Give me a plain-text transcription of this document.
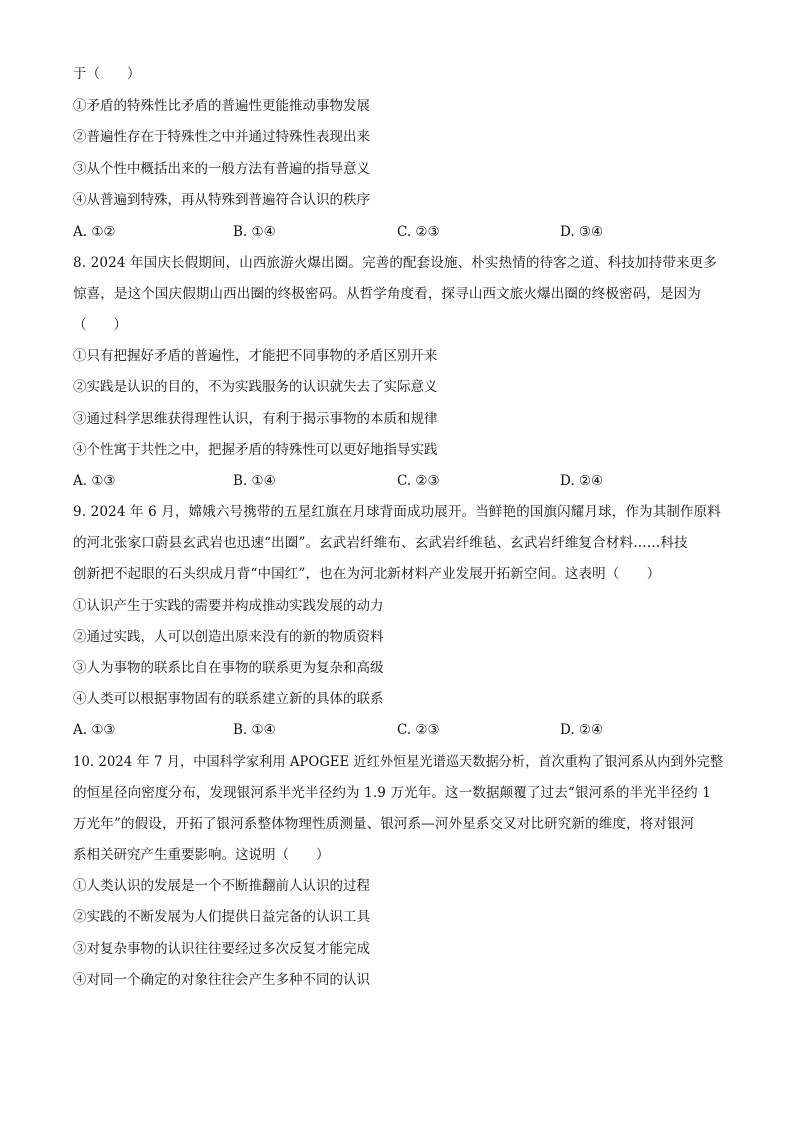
于（　　）
①矛盾的特殊性比矛盾的普遍性更能推动事物发展
②普遍性存在于特殊性之中并通过特殊性表现出来
③从个性中概括出来的一般方法有普遍的指导意义
④从普遍到特殊，再从特殊到普遍符合认识的秩序
A. ①②	B. ①④	C. ②③	D. ③④
8. 2024 年国庆长假期间，山西旅游火爆出圈。完善的配套设施、朴实热情的待客之道、科技加持带来更多
惊喜，是这个国庆假期山西出圈的终极密码。从哲学角度看，探寻山西文旅火爆出圈的终极密码，是因为
（　　）
①只有把握好矛盾的普遍性，才能把不同事物的矛盾区别开来
②实践是认识的目的，不为实践服务的认识就失去了实际意义
③通过科学思维获得理性认识，有利于揭示事物的本质和规律
④个性寓于共性之中，把握矛盾的特殊性可以更好地指导实践
A. ①③	B. ①④	C. ②③	D. ②④
9. 2024 年 6 月，嫦娥六号携带的五星红旗在月球背面成功展开。当鲜艳的国旗闪耀月球，作为其制作原料
的河北张家口蔚县玄武岩也迅速“出圈”。玄武岩纤维布、玄武岩纤维毡、玄武岩纤维复合材料……科技
创新把不起眼的石头织成月背“中国红”，也在为河北新材料产业发展开拓新空间。这表明（　　）
①认识产生于实践的需要并构成推动实践发展的动力
②通过实践，人可以创造出原来没有的新的物质资料
③人为事物的联系比自在事物的联系更为复杂和高级
④人类可以根据事物固有的联系建立新的具体的联系
A. ①③	B. ①④	C. ②③	D. ②④
10. 2024 年 7 月，中国科学家利用 APOGEE 近红外恒星光谱巡天数据分析，首次重构了银河系从内到外完整
的恒星径向密度分布，发现银河系半光半径约为 1.9 万光年。这一数据颠覆了过去“银河系的半光半径约 1
万光年”的假设，开拓了银河系整体物理性质测量、银河系—河外星系交叉对比研究新的维度，将对银河
系相关研究产生重要影响。这说明（　　）
①人类认识的发展是一个不断推翻前人认识的过程
②实践的不断发展为人们提供日益完备的认识工具
③对复杂事物的认识往往要经过多次反复才能完成
④对同一个确定的对象往往会产生多种不同的认识
